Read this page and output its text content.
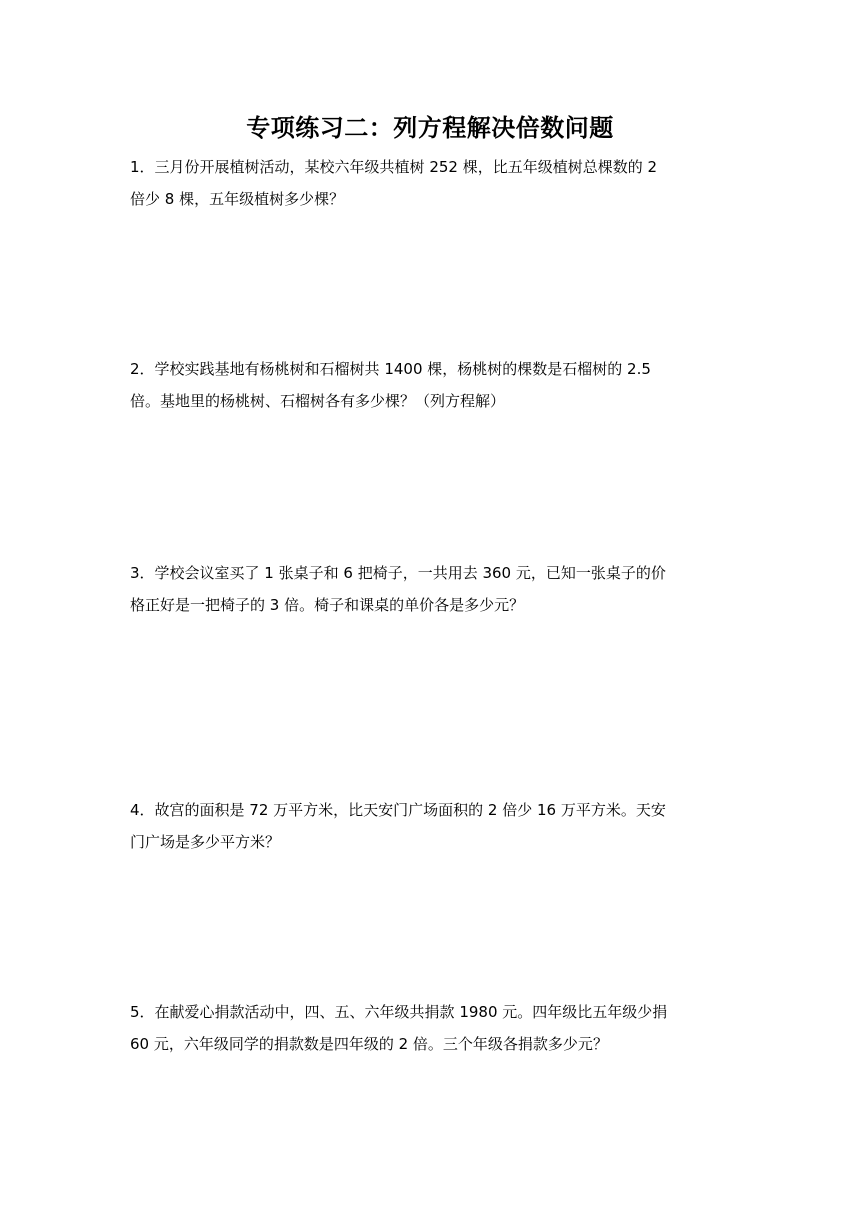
专项练习二：列方程解决倍数问题
1．三月份开展植树活动，某校六年级共植树 252 棵，比五年级植树总棵数的 2
倍少 8 棵，五年级植树多少棵？
2．学校实践基地有杨桃树和石榴树共 1400 棵，杨桃树的棵数是石榴树的 2.5
倍。基地里的杨桃树、石榴树各有多少棵？（列方程解）
3．学校会议室买了 1 张桌子和 6 把椅子，一共用去 360 元，已知一张桌子的价
格正好是一把椅子的 3 倍。椅子和课桌的单价各是多少元？
4．故宫的面积是 72 万平方米，比天安门广场面积的 2 倍少 16 万平方米。天安
门广场是多少平方米？
5．在献爱心捐款活动中，四、五、六年级共捐款 1980 元。四年级比五年级少捐
60 元，六年级同学的捐款数是四年级的 2 倍。三个年级各捐款多少元？
